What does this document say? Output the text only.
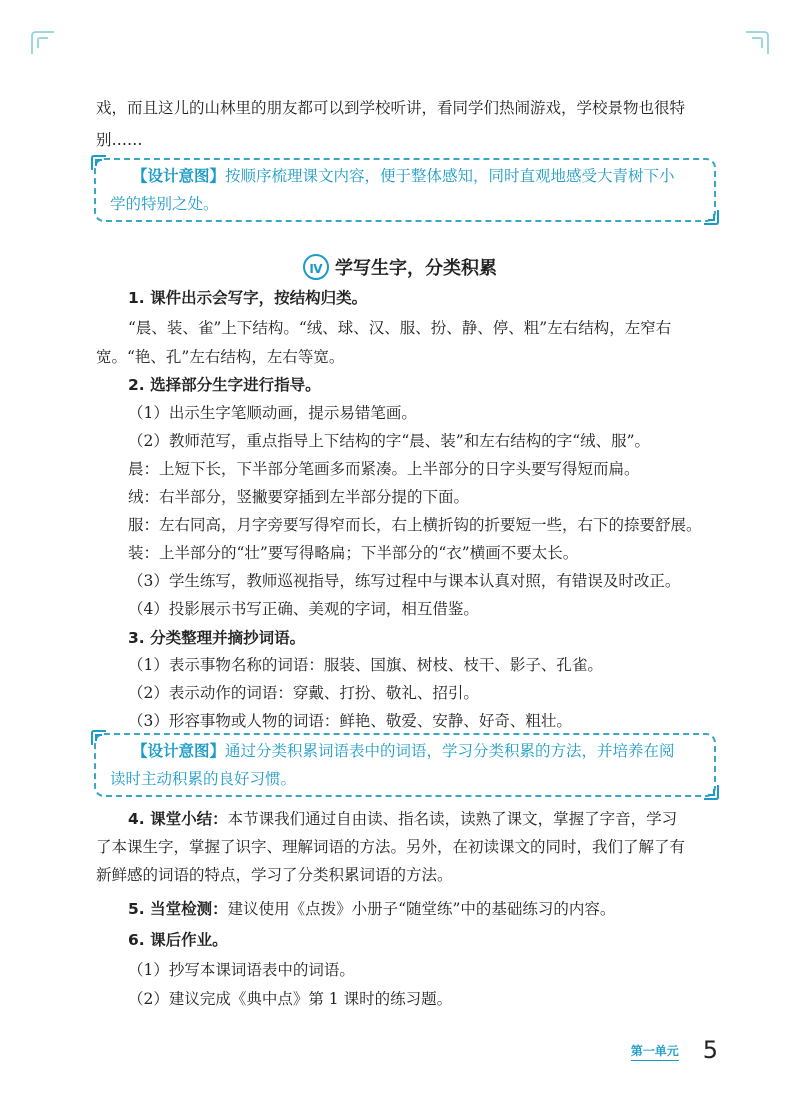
戏，而且这儿的山林里的朋友都可以到学校听讲，看同学们热闹游戏，学校景物也很特
别……
【设计意图】按顺序梳理课文内容，便于整体感知，同时直观地感受大青树下小
学的特别之处。
Ⅳ 学写生字，分类积累
1. 课件出示会写字，按结构归类。
“晨、装、雀”上下结构。“绒、球、汉、服、扮、静、停、粗”左右结构，左窄右
宽。“艳、孔”左右结构，左右等宽。
2. 选择部分生字进行指导。
（1）出示生字笔顺动画，提示易错笔画。
（2）教师范写，重点指导上下结构的字“晨、装”和左右结构的字“绒、服”。
晨：上短下长，下半部分笔画多而紧凑。上半部分的日字头要写得短而扁。
绒：右半部分，竖撇要穿插到左半部分提的下面。
服：左右同高，月字旁要写得窄而长，右上横折钩的折要短一些，右下的捺要舒展。
装：上半部分的“壮”要写得略扁；下半部分的“衣”横画不要太长。
（3）学生练写，教师巡视指导，练写过程中与课本认真对照，有错误及时改正。
（4）投影展示书写正确、美观的字词，相互借鉴。
3. 分类整理并摘抄词语。
（1）表示事物名称的词语：服装、国旗、树枝、枝干、影子、孔雀。
（2）表示动作的词语：穿戴、打扮、敬礼、招引。
（3）形容事物或人物的词语：鲜艳、敬爱、安静、好奇、粗壮。
【设计意图】通过分类积累词语表中的词语，学习分类积累的方法，并培养在阅
读时主动积累的良好习惯。
4. 课堂小结：本节课我们通过自由读、指名读，读熟了课文，掌握了字音，学习
了本课生字，掌握了识字、理解词语的方法。另外，在初读课文的同时，我们了解了有
新鲜感的词语的特点，学习了分类积累词语的方法。
5. 当堂检测：建议使用《点拨》小册子“随堂练”中的基础练习的内容。
6. 课后作业。
（1）抄写本课词语表中的词语。
（2）建议完成《典中点》第 1 课时的练习题。
第一单元 5
